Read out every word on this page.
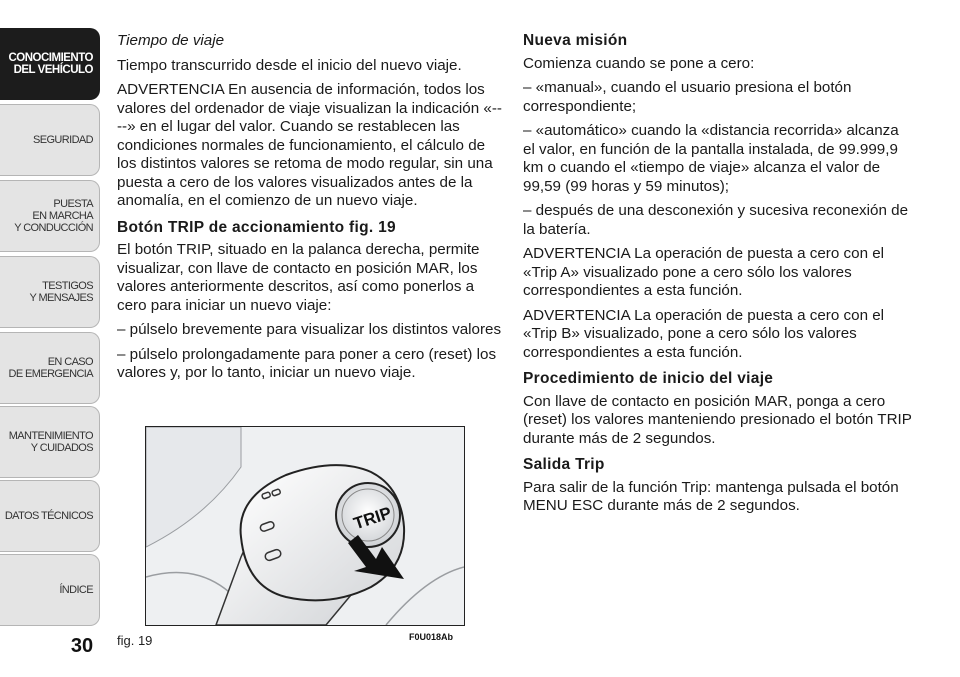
CONOCIMIENTO
DEL VEHÍCULO
SEGURIDAD
PUESTA
EN MARCHA
Y CONDUCCIÓN
TESTIGOS
Y MENSAJES
EN CASO
DE EMERGENCIA
MANTENIMIENTO
Y CUIDADOS
DATOS TÉCNICOS
ÍNDICE
30

Tiempo de viaje

Tiempo transcurrido desde el inicio del nuevo viaje.

ADVERTENCIA En ausencia de información, todos los valores del ordenador de viaje visualizan la indicación «----» en el lugar del valor. Cuando se restablecen las condiciones normales de funcionamiento, el cálculo de los distintos valores se retoma de modo regular, sin una puesta a cero de los valores visualizados antes de la anomalía, en el comienzo de un nuevo viaje.

Botón TRIP de accionamiento fig. 19

El botón TRIP, situado en la palanca derecha, permite visualizar, con llave de contacto en posición MAR, los valores anteriormente descritos, así como ponerlos a cero para iniciar un nuevo viaje:

– púlselo brevemente para visualizar los distintos valores

– púlselo prolongadamente para poner a cero (reset) los valores y, por lo tanto, iniciar un nuevo viaje.

Nueva misión

Comienza cuando se pone a cero:

– «manual», cuando el usuario presiona el botón correspondiente;

– «automático» cuando la «distancia recorrida» alcanza el valor, en función de la pantalla instalada, de 99.999,9 km o cuando el «tiempo de viaje» alcanza el valor de 99,59 (99 horas y 59 minutos);

– después de una desconexión y sucesiva reconexión de la batería.

ADVERTENCIA La operación de puesta a cero con el «Trip A» visualizado pone a cero sólo los valores correspondientes a esta función.

ADVERTENCIA La operación de puesta a cero con el «Trip B» visualizado, pone a cero sólo los valores correspondientes a esta función.

Procedimiento de inicio del viaje

Con llave de contacto en posición MAR, ponga a cero (reset) los valores manteniendo presionado el botón TRIP durante más de 2 segundos.

Salida Trip

Para salir de la función Trip: mantenga pulsada el botón MENU ESC durante más de 2 segundos.

TRIP
fig. 19	F0U018Ab
